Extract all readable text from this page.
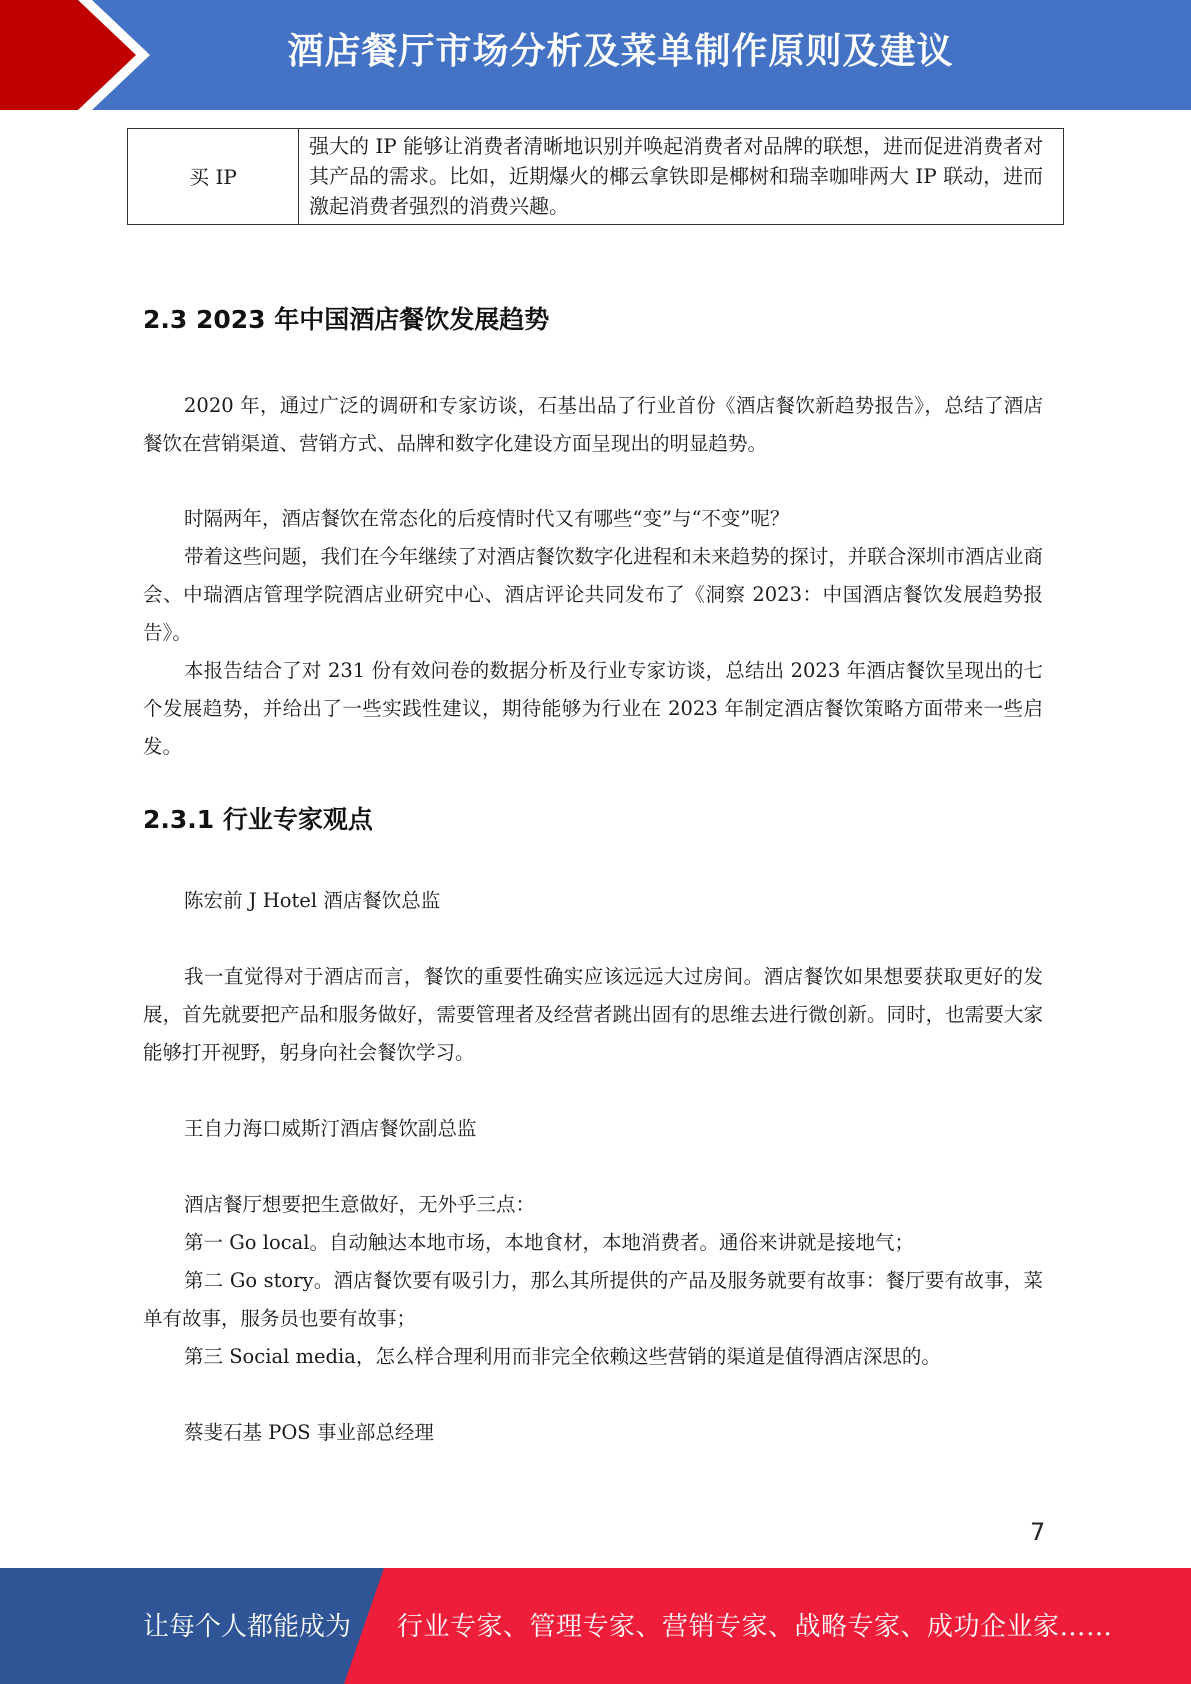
酒店餐厅市场分析及菜单制作原则及建议
买 IP	强大的 IP 能够让消费者清晰地识别并唤起消费者对品牌的联想，进而促进消费者对其产品的需求。比如，近期爆火的椰云拿铁即是椰树和瑞幸咖啡两大 IP 联动，进而激起消费者强烈的消费兴趣。
2.3 2023 年中国酒店餐饮发展趋势
2020 年，通过广泛的调研和专家访谈，石基出品了行业首份《酒店餐饮新趋势报告》，总结了酒店餐饮在营销渠道、营销方式、品牌和数字化建设方面呈现出的明显趋势。
时隔两年，酒店餐饮在常态化的后疫情时代又有哪些“变”与“不变”呢？
带着这些问题，我们在今年继续了对酒店餐饮数字化进程和未来趋势的探讨，并联合深圳市酒店业商会、中瑞酒店管理学院酒店业研究中心、酒店评论共同发布了《洞察 2023：中国酒店餐饮发展趋势报告》。
本报告结合了对 231 份有效问卷的数据分析及行业专家访谈，总结出 2023 年酒店餐饮呈现出的七个发展趋势，并给出了一些实践性建议，期待能够为行业在 2023 年制定酒店餐饮策略方面带来一些启发。
2.3.1 行业专家观点
陈宏前 J Hotel 酒店餐饮总监
我一直觉得对于酒店而言，餐饮的重要性确实应该远远大过房间。酒店餐饮如果想要获取更好的发展，首先就要把产品和服务做好，需要管理者及经营者跳出固有的思维去进行微创新。同时，也需要大家能够打开视野，躬身向社会餐饮学习。
王自力海口威斯汀酒店餐饮副总监
酒店餐厅想要把生意做好，无外乎三点：
第一 Go local。自动触达本地市场，本地食材，本地消费者。通俗来讲就是接地气；
第二 Go story。酒店餐饮要有吸引力，那么其所提供的产品及服务就要有故事：餐厅要有故事，菜单有故事，服务员也要有故事；
第三 Social media，怎么样合理利用而非完全依赖这些营销的渠道是值得酒店深思的。
蔡斐石基 POS 事业部总经理
7
让每个人都能成为 行业专家、管理专家、营销专家、战略专家、成功企业家……
